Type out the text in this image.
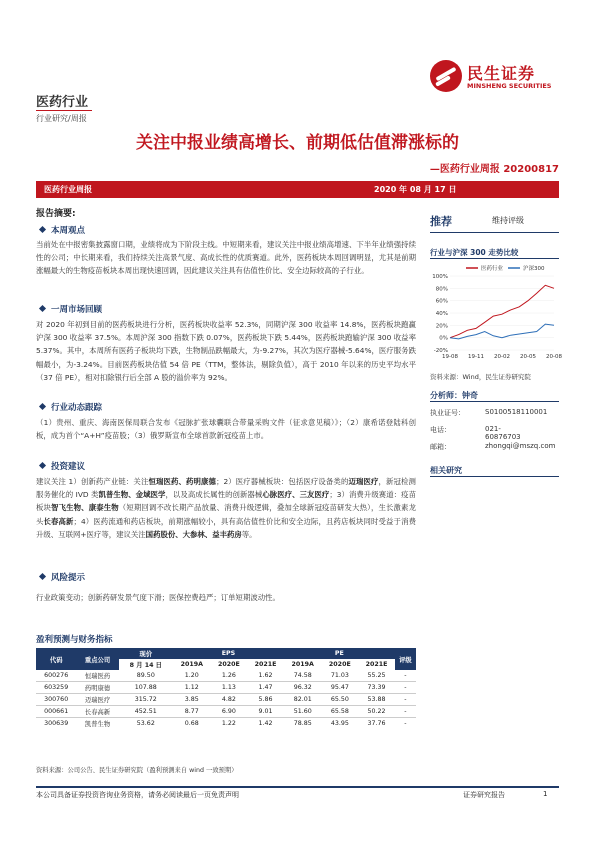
民生证券
MINSHENG SECURITIES
医药行业
行业研究/周报
关注中报业绩高增长、前期低估值滞涨标的
—医药行业周报 20200817
医药行业周报	2020 年 08 月 17 日
报告摘要:
本周观点
当前处在中报密集披露窗口期，业绩将成为下阶段主线。中短期来看，建议关注中报业绩高增速、下半年业绩强持续性的公司；中长期来看，我们持续关注高景气度、高成长性的优质赛道。此外，医药板块本周回调明显，尤其是前期涨幅最大的生物疫苗板块本周出现快速回调，因此建议关注具有估值性价比、安全边际较高的子行业。
一周市场回顾
对 2020 年初到目前的医药板块进行分析，医药板块收益率 52.3%，同期沪深 300 收益率 14.8%，医药板块跑赢沪深 300 收益率 37.5%。本周沪深 300 指数下跌 0.07%，医药板块下跌 5.44%，医药板块跑输沪深 300 收益率 5.37%。其中，本周所有医药子板块均下跌，生物制品跌幅最大，为-9.27%，其次为医疗器械-5.64%，医疗服务跌幅最小，为-3.24%。目前医药板块估值 54 倍 PE（TTM，整体法，剔除负值），高于 2010 年以来的历史平均水平（37 倍 PE），相对扣除银行后全部 A 股的溢价率为 92%。
行业动态跟踪
（1）贵州、重庆、海南医保局联合发布《冠脉扩张球囊联合带量采购文件（征求意见稿）》；（2）康希诺登陆科创板，成为首个“A+H”疫苗股；（3）俄罗斯宣布全球首款新冠疫苗上市。
投资建议
建议关注 1）创新药产业链：关注恒瑞医药、药明康德；2）医疗器械板块：包括医疗设备类的迈瑞医疗，新冠检测服务催化的 IVD 类凯普生物、金域医学，以及高成长属性的创新器械心脉医疗、三友医疗；3）消费升级赛道：疫苗板块智飞生物、康泰生物（短期回调不改长期产品放量、消费升级逻辑，叠加全球新冠疫苗研发大热），生长激素龙头长春高新；4）医药流通和药店板块，前期涨幅较小，具有高估值性价比和安全边际，且药店板块同时受益于消费升级、互联网+医疗等，建议关注国药股份、大参林、益丰药房等。
风险提示
行业政策变动；创新药研发景气度下滑；医保控费趋严；订单短期波动性。
推荐	维持评级
行业与沪深 300 走势比较
100%
80%
60%
40%
20%
0%
-20%
19-08 19-11 20-02 20-05 20-08
医药行业	沪深300
资料来源：Wind，民生证券研究院
分析师：钟奇
执业证号：	S0100518110001
电话：	021-60876703
邮箱：	zhongqi@mszq.com
相关研究
盈利预测与财务指标
代码	重点公司	现价	EPS			PE			评级
		8 月 14 日	2019A	2020E	2021E	2019A	2020E	2021E	
600276	恒瑞医药	89.50	1.20	1.26	1.62	74.58	71.03	55.25	-
603259	药明康德	107.88	1.12	1.13	1.47	96.32	95.47	73.39	-
300760	迈瑞医疗	315.72	3.85	4.82	5.86	82.01	65.50	53.88	-
000661	长春高新	452.51	8.77	6.90	9.01	51.60	65.58	50.22	-
300639	凯普生物	53.62	0.68	1.22	1.42	78.85	43.95	37.76	-
资料来源：公司公告、民生证券研究院（盈利预测来自 wind 一致预期）
本公司具备证券投资咨询业务资格，请务必阅读最后一页免责声明	证券研究报告	1
